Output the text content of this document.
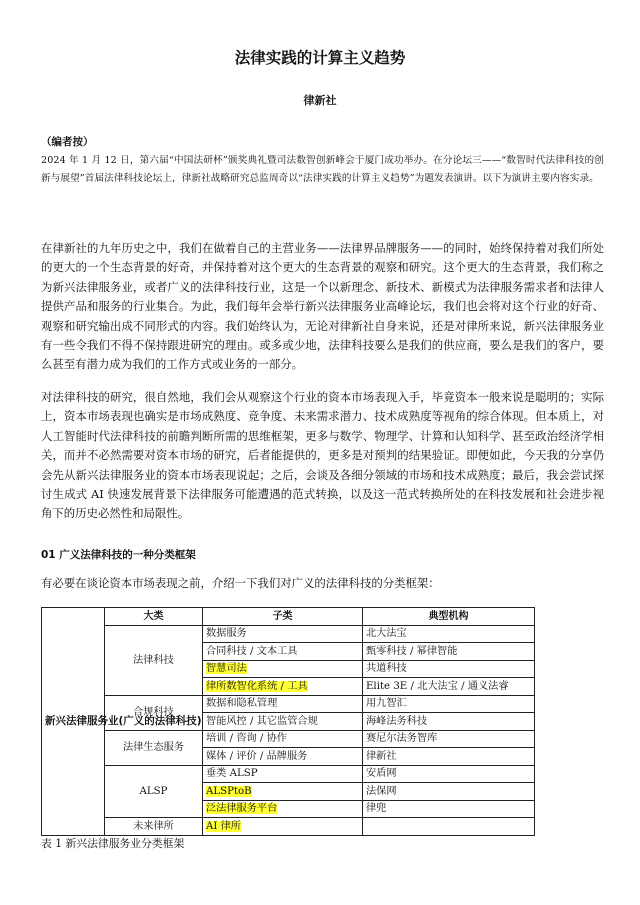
法律实践的计算主义趋势
律新社
（编者按）
2024 年 1 月 12 日，第六届“中国法研杯”颁奖典礼暨司法数智创新峰会于厦门成功举办。在分论坛三——“数智时代法律科技的创新与展望”首届法律科技论坛上，律新社战略研究总监周奇以“法律实践的计算主义趋势”为题发表演讲。以下为演讲主要内容实录。
在律新社的九年历史之中，我们在做着自己的主营业务——法律界品牌服务——的同时，始终保持着对我们所处的更大的一个生态背景的好奇，并保持着对这个更大的生态背景的观察和研究。这个更大的生态背景，我们称之为新兴法律服务业，或者广义的法律科技行业，这是一个以新理念、新技术、新模式为法律服务需求者和法律人提供产品和服务的行业集合。为此，我们每年会举行新兴法律服务业高峰论坛，我们也会将对这个行业的好奇、观察和研究输出成不同形式的内容。我们始终认为，无论对律新社自身来说，还是对律所来说，新兴法律服务业有一些令我们不得不保持跟进研究的理由。或多或少地，法律科技要么是我们的供应商，要么是我们的客户，要么甚至有潜力成为我们的工作方式或业务的一部分。
对法律科技的研究，很自然地，我们会从观察这个行业的资本市场表现入手，毕竟资本一般来说是聪明的；实际上，资本市场表现也确实是市场成熟度、竞争度、未来需求潜力、技术成熟度等视角的综合体现。但本质上，对人工智能时代法律科技的前瞻判断所需的思维框架，更多与数学、物理学、计算和认知科学、甚至政治经济学相关，而并不必然需要对资本市场的研究，后者能提供的，更多是对预判的结果验证。即便如此，今天我的分享仍会先从新兴法律服务业的资本市场表现说起；之后，会谈及各细分领域的市场和技术成熟度；最后，我会尝试探讨生成式 AI 快速发展背景下法律服务可能遭遇的范式转换，以及这一范式转换所处的在科技发展和社会进步视角下的历史必然性和局限性。
01 广义法律科技的一种分类框架
有必要在谈论资本市场表现之前，介绍一下我们对广义的法律科技的分类框架：
新兴法律服务业(广义的法律科技)	大类	子类	典型机构
	法律科技	数据服务	北大法宝
		合同科技 / 文本工具	甄零科技 / 幂律智能
		智慧司法	共道科技
		律所数智化系统 / 工具	Elite 3E / 北大法宝 / 通义法睿
	合规科技	数据和隐私管理	用九智汇
		智能风控 / 其它监管合规	海峰法务科技
	法律生态服务	培训 / 咨询 / 协作	赛尼尔法务智库
		媒体 / 评价 / 品牌服务	律新社
	ALSP	垂类 ALSP	安盾网
		ALSPtoB	法保网
		泛法律服务平台	律兜
	未来律所	AI 律所	
表 1 新兴法律服务业分类框架
